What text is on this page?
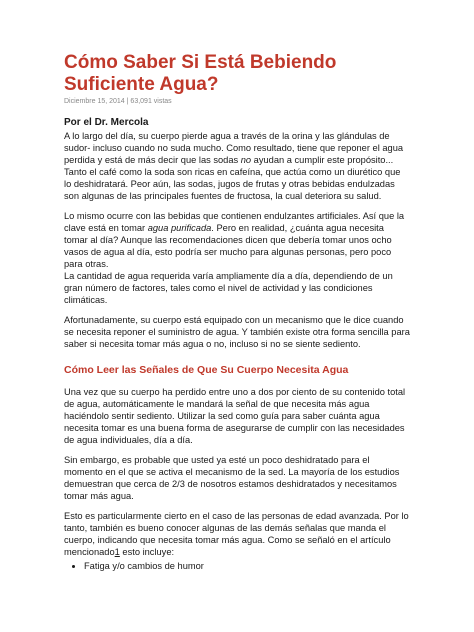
Cómo Saber Si Está Bebiendo Suficiente Agua?
Diciembre 15, 2014 | 63,091 vistas
Por el Dr. Mercola

A lo largo del día, su cuerpo pierde agua a través de la orina y las glándulas de sudor- incluso cuando no suda mucho. Como resultado, tiene que reponer el agua perdida y está de más decir que las sodas no ayudan a cumplir este propósito... Tanto el café como la soda son ricas en cafeína, que actúa como un diurético que lo deshidratará. Peor aún, las sodas, jugos de frutas y otras bebidas endulzadas son algunas de las principales fuentes de fructosa, la cual deteriora su salud.

Lo mismo ocurre con las bebidas que contienen endulzantes artificiales. Así que la clave está en tomar agua purificada. Pero en realidad, ¿cuánta agua necesita tomar al día? Aunque las recomendaciones dicen que debería tomar unos ocho vasos de agua al día, esto podría ser mucho para algunas personas, pero poco para otras.

La cantidad de agua requerida varía ampliamente día a día, dependiendo de un gran número de factores, tales como el nivel de actividad y las condiciones climáticas.

Afortunadamente, su cuerpo está equipado con un mecanismo que le dice cuando se necesita reponer el suministro de agua. Y también existe otra forma sencilla para saber si necesita tomar más agua o no, incluso si no se siente sediento.

Cómo Leer las Señales de Que Su Cuerpo Necesita Agua

Una vez que su cuerpo ha perdido entre uno a dos por ciento de su contenido total de agua, automáticamente le mandará la señal de que necesita más agua haciéndolo sentir sediento. Utilizar la sed como guía para saber cuánta agua necesita tomar es una buena forma de asegurarse de cumplir con las necesidades de agua individuales, día a día.

Sin embargo, es probable que usted ya esté un poco deshidratado para el momento en el que se activa el mecanismo de la sed. La mayoría de los estudios demuestran que cerca de 2/3 de nosotros estamos deshidratados y necesitamos tomar más agua.

Esto es particularmente cierto en el caso de las personas de edad avanzada. Por lo tanto, también es bueno conocer algunas de las demás señalas que manda el cuerpo, indicando que necesita tomar más agua. Como se señaló en el artículo mencionado1 esto incluye:

• Fatiga y/o cambios de humor
